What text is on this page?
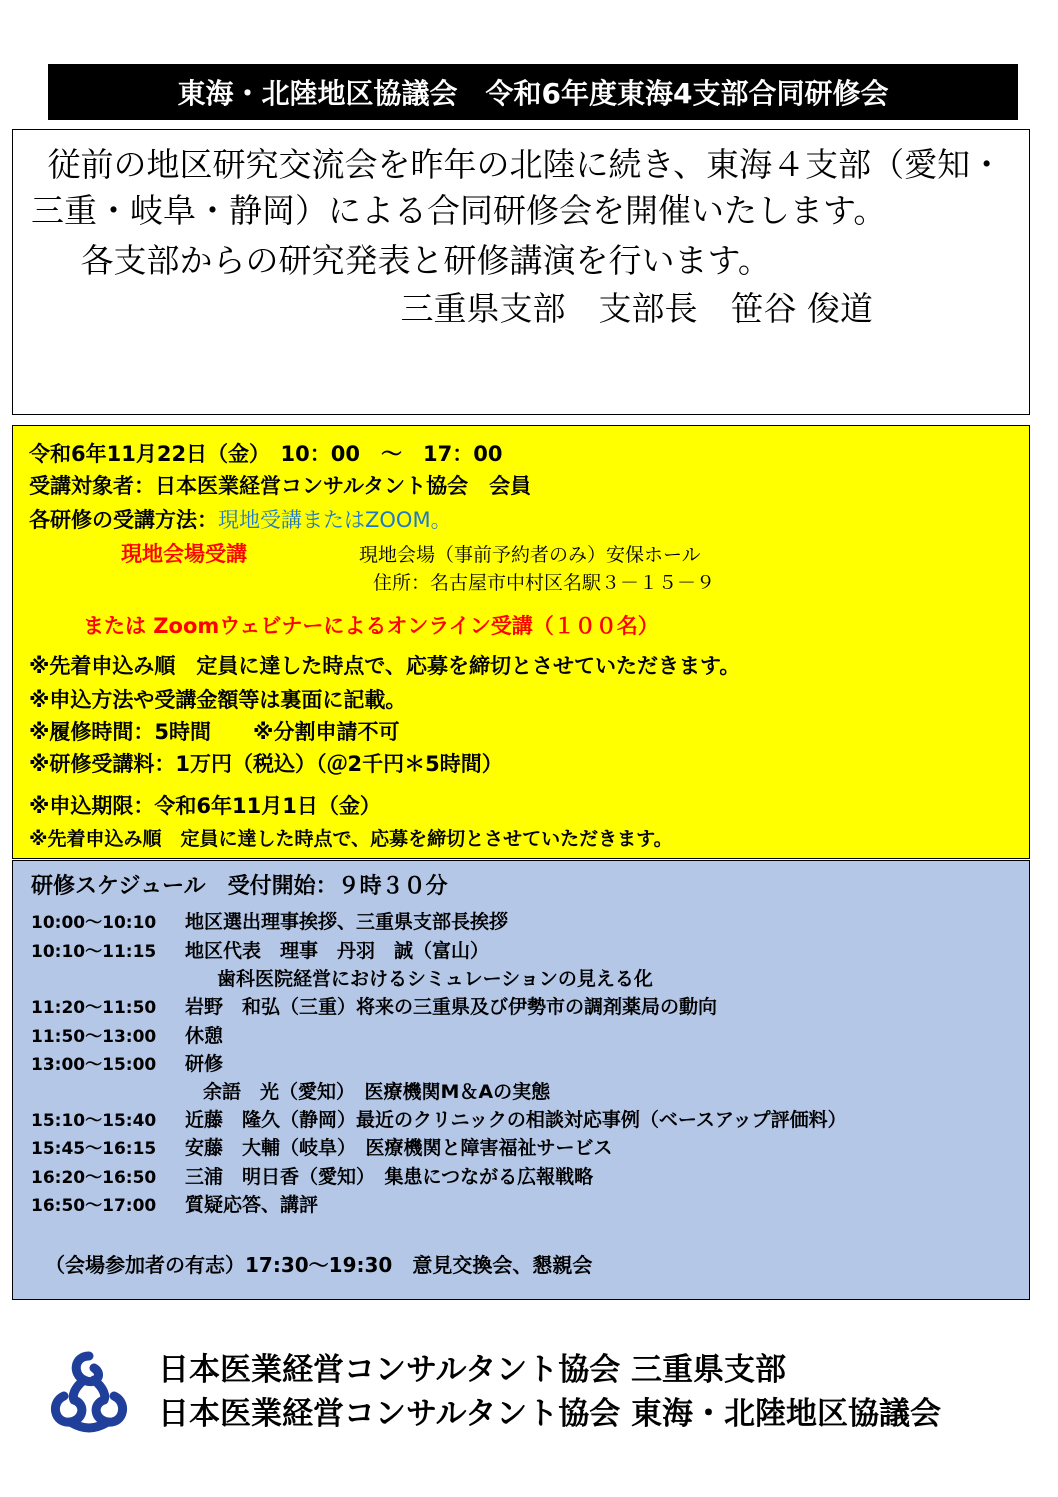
東海・北陸地区協議会　令和6年度東海4支部合同研修会
従前の地区研究交流会を昨年の北陸に続き、東海４支部（愛知・三重・岐阜・静岡）による合同研修会を開催いたします。
各支部からの研究発表と研修講演を行います。
三重県支部　支部長　笹谷 俊道
令和6年11月22日（金）　10：00　～　17：00
受講対象者：日本医業経営コンサルタント協会　会員
各研修の受講方法：現地受講またはZOOM。
現地会場受講	現地会場（事前予約者のみ）安保ホール
住所：名古屋市中村区名駅３－１５－９
または Zoomウェビナーによるオンライン受講（１００名）
※先着申込み順　定員に達した時点で、応募を締切とさせていただきます。
※申込方法や受講金額等は裏面に記載。
※履修時間：5時間　　※分割申請不可
※研修受講料：1万円（税込）（＠2千円＊5時間）
※申込期限：令和6年11月1日（金）
※先着申込み順　定員に達した時点で、応募を締切とさせていただきます。
研修スケジュール　受付開始：９時３０分
10:00～10:10 地区選出理事挨拶、三重県支部長挨拶
10:10～11:15 地区代表　理事　丹羽　誠（富山）
歯科医院経営におけるシミュレーションの見える化
11:20～11:50 岩野　和弘（三重）将来の三重県及び伊勢市の調剤薬局の動向
11:50～13:00 休憩
13:00～15:00 研修
余語　光（愛知）　医療機関M＆Aの実態
15:10～15:40 近藤　隆久（静岡）最近のクリニックの相談対応事例（ベースアップ評価料）
15:45～16:15 安藤　大輔（岐阜）　医療機関と障害福祉サービス
16:20～16:50 三浦　明日香（愛知）　集患につながる広報戦略
16:50～17:00 質疑応答、講評
（会場参加者の有志）17:30～19:30　意見交換会、懇親会
日本医業経営コンサルタント協会 三重県支部
日本医業経営コンサルタント協会 東海・北陸地区協議会
